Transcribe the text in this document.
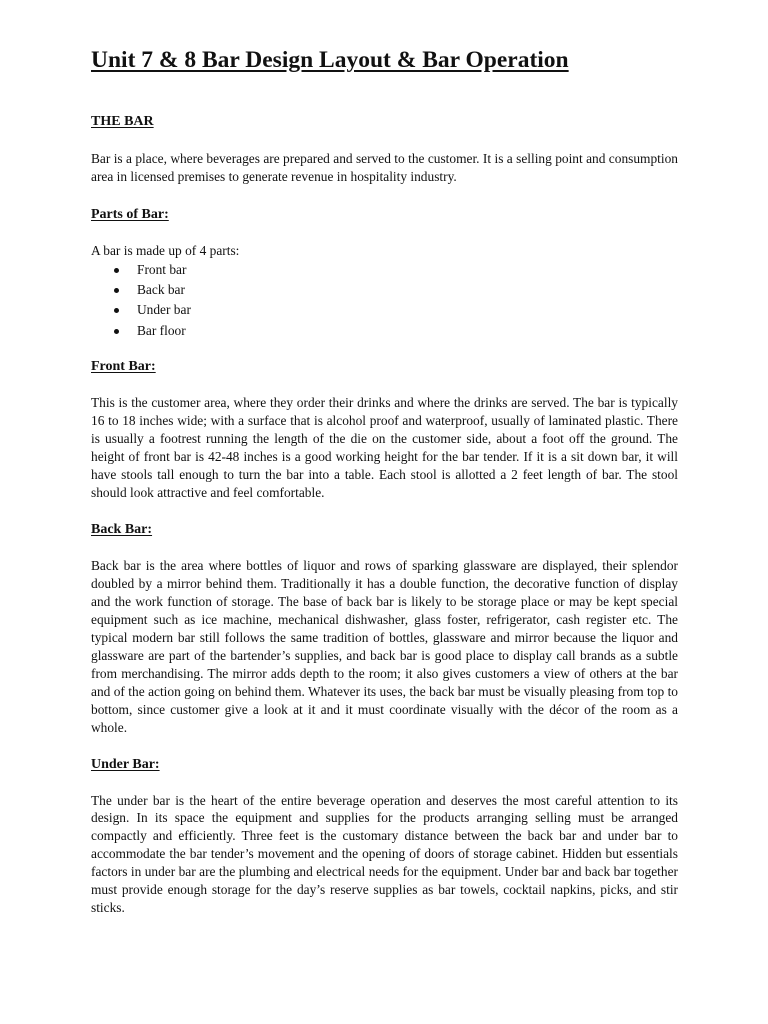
Unit 7 & 8 Bar Design Layout & Bar Operation
THE BAR

Bar is a place, where beverages are prepared and served to the customer. It is a selling point and consumption area in licensed premises to generate revenue in hospitality industry.

Parts of Bar:

A bar is made up of 4 parts:

Front bar
Back bar
Under bar
Bar floor
Front Bar:

This is the customer area, where they order their drinks and where the drinks are served. The bar is typically 16 to 18 inches wide; with a surface that is alcohol proof and waterproof, usually of laminated plastic. There is usually a footrest running the length of the die on the customer side, about a foot off the ground. The height of front bar is 42-48 inches is a good working height for the bar tender. If it is a sit down bar, it will have stools tall enough to turn the bar into a table. Each stool is allotted a 2 feet length of bar. The stool should look attractive and feel comfortable.

Back Bar:

Back bar is the area where bottles of liquor and rows of sparking glassware are displayed, their splendor doubled by a mirror behind them. Traditionally it has a double function, the decorative function of display and the work function of storage. The base of back bar is likely to be storage place or may be kept special equipment such as ice machine, mechanical dishwasher, glass foster, refrigerator, cash register etc. The typical modern bar still follows the same tradition of bottles, glassware and mirror because the liquor and glassware are part of the bartender’s supplies, and back bar is good place to display call brands as a subtle from merchandising. The mirror adds depth to the room; it also gives customers a view of others at the bar and of the action going on behind them. Whatever its uses, the back bar must be visually pleasing from top to bottom, since customer give a look at it and it must coordinate visually with the décor of the room as a whole.

Under Bar:

The under bar is the heart of the entire beverage operation and deserves the most careful attention to its design. In its space the equipment and supplies for the products arranging selling must be arranged compactly and efficiently. Three feet is the customary distance between the back bar and under bar to accommodate the bar tender’s movement and the opening of doors of storage cabinet. Hidden but essentials factors in under bar are the plumbing and electrical needs for the equipment. Under bar and back bar together must provide enough storage for the day’s reserve supplies as bar towels, cocktail napkins, picks, and stir sticks.
